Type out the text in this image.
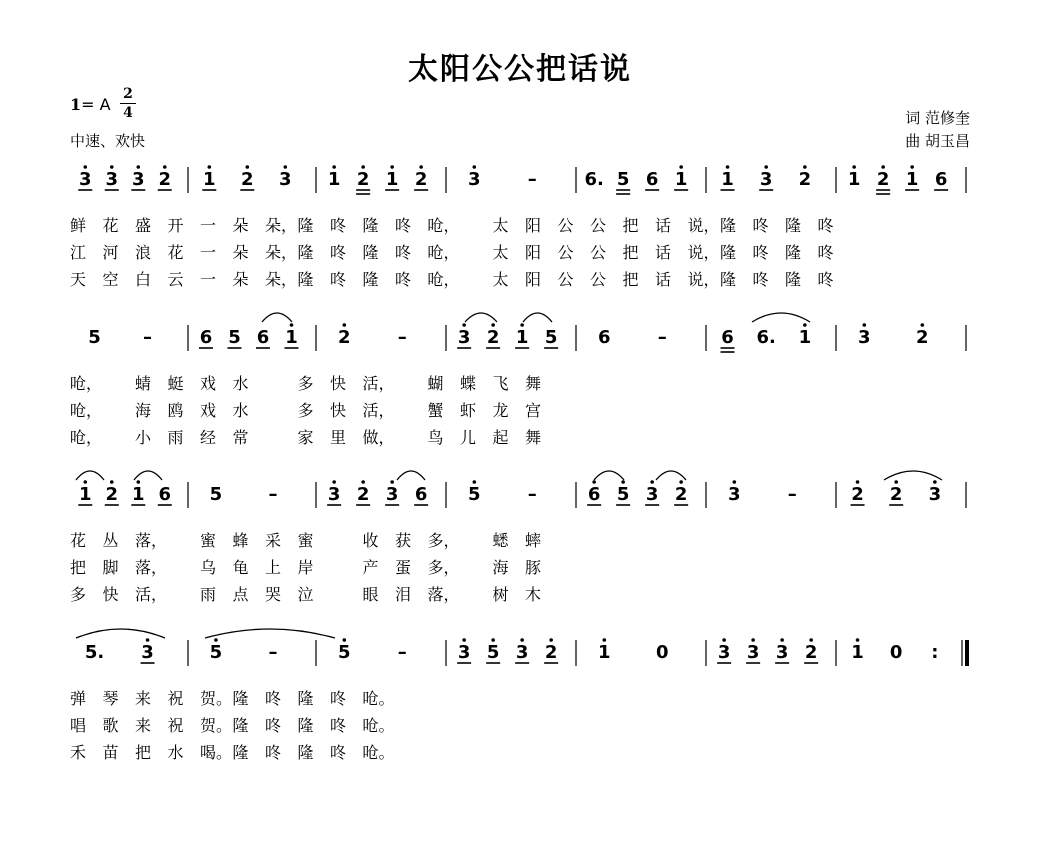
太阳公公把话说
1= A
2
4
中速、欢快
词 范修奎
曲 胡玉昌
3 3 3 2 1 2 3 1 2 1 2 3	–	6. 5 6 1 1 3 2 1 2 1 6
鲜 花 盛 开 一 朵 朵， 隆 咚 隆 咚 呛， 太 阳 公 公 把 话 说， 隆 咚 隆 咚
江 河 浪 花 一 朵 朵， 隆 咚 隆 咚 呛， 太 阳 公 公 把 话 说， 隆 咚 隆 咚
天 空 白 云 一 朵 朵， 隆 咚 隆 咚 呛， 太 阳 公 公 把 话 说， 隆 咚 隆 咚
5 –	6 5 6 1 2	–	3 2 1 5 6	–	6 6. 1	3	2
呛， 蜻 蜓 戏 水	多 快 活， 蝴 蝶 飞 舞
呛， 海 鸥 戏 水	多 快 活， 蟹 虾 龙 宫
呛， 小 雨 经 常	家 里 做， 鸟 儿 起 舞
1 2 1 6 5	–	3 2 3 6 5	–	6 5 3 2 3	–	2 2 3
花 丛 落， 蜜 蜂 采 蜜	收 获 多， 蟋 蟀
把 脚 落， 乌 龟 上 岸	产 蛋 多， 海 豚
多 快 活， 雨 点 哭 泣	眼 泪 落， 树 木
5. 3	5	–	5	–	3 5 3 2 1	0	3 3 3 2 1 0 :
弹 琴 来 祝 贺。 隆 咚 隆 咚 呛。
唱 歌 来 祝 贺。 隆 咚 隆 咚 呛。
禾 苗 把 水 喝。 隆 咚 隆 咚 呛。
